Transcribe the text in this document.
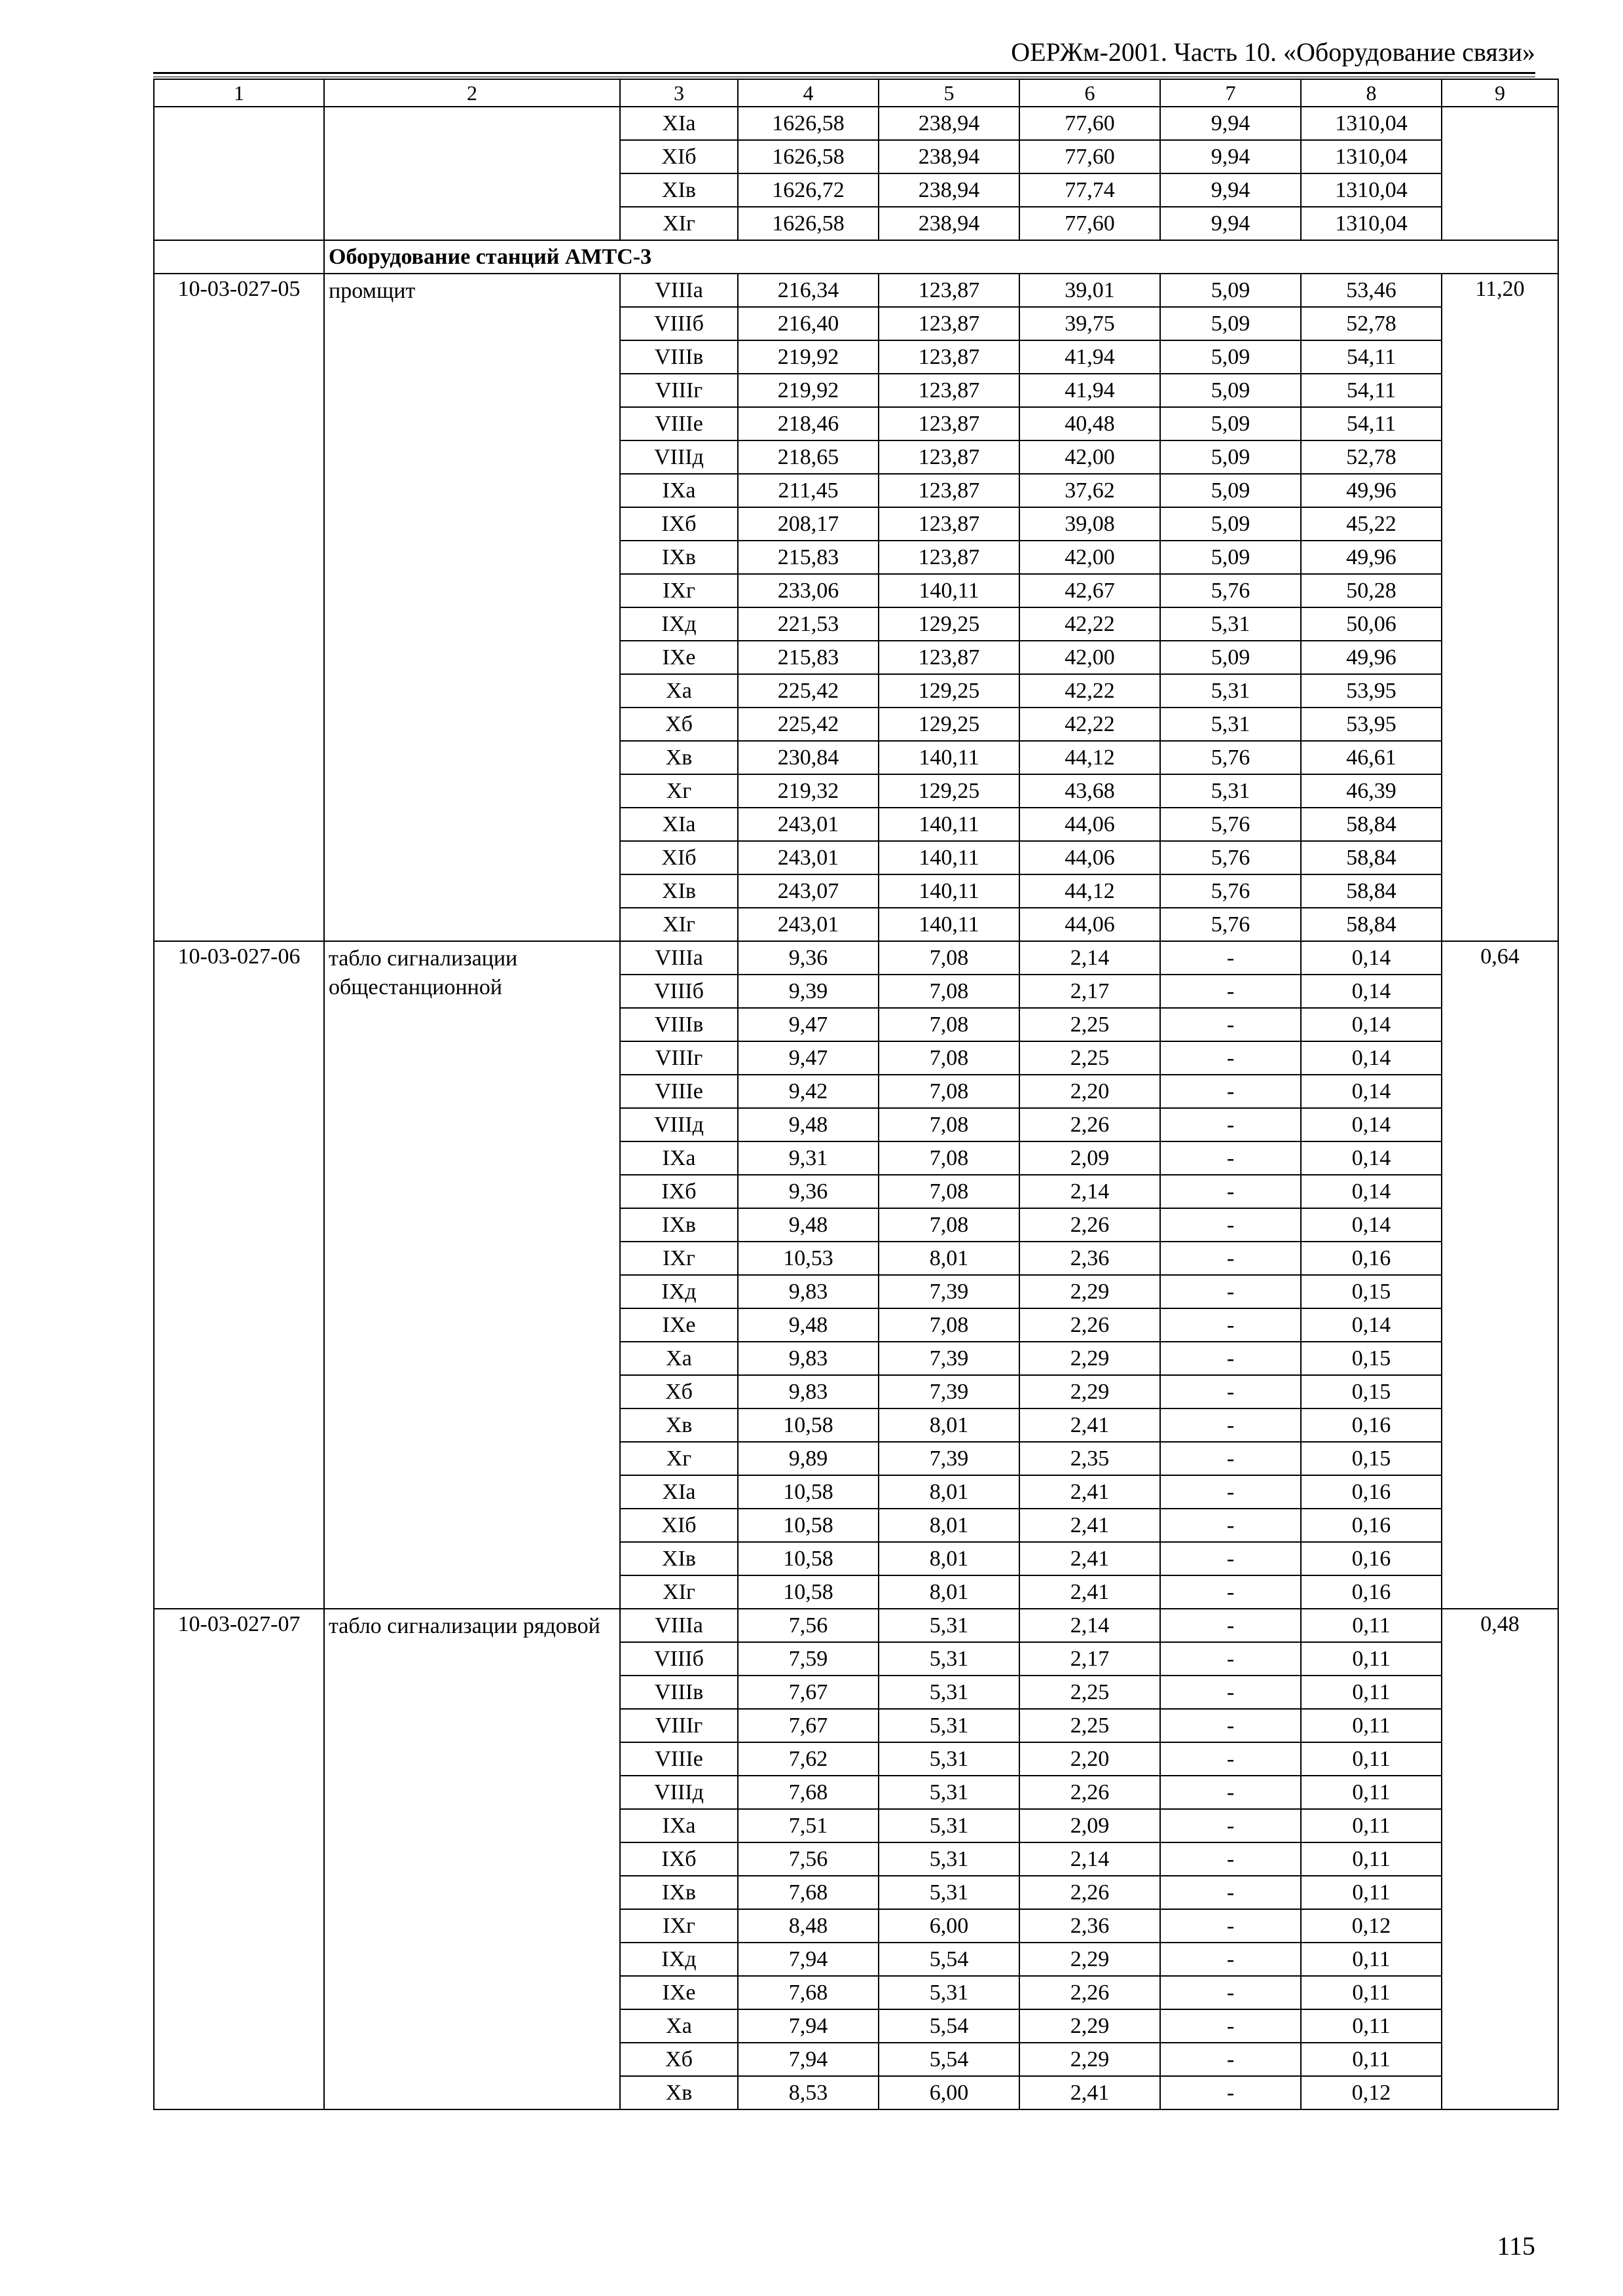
ОЕРЖм-2001. Часть 10. «Оборудование связи»
1	2	3	4	5	6	7	8	9
		XIа	1626,58	238,94	77,60	9,94	1310,04	
		XIб	1626,58	238,94	77,60	9,94	1310,04	
		XIв	1626,72	238,94	77,74	9,94	1310,04	
		XIг	1626,58	238,94	77,60	9,94	1310,04	
	Оборудование станций АМТС-3							
10-03-027-05	промщит	VIIIа	216,34	123,87	39,01	5,09	53,46	11,20
		VIIIб	216,40	123,87	39,75	5,09	52,78	
		VIIIв	219,92	123,87	41,94	5,09	54,11	
		VIIIг	219,92	123,87	41,94	5,09	54,11	
		VIIIе	218,46	123,87	40,48	5,09	54,11	
		VIIIд	218,65	123,87	42,00	5,09	52,78	
		IXа	211,45	123,87	37,62	5,09	49,96	
		IXб	208,17	123,87	39,08	5,09	45,22	
		IXв	215,83	123,87	42,00	5,09	49,96	
		IXг	233,06	140,11	42,67	5,76	50,28	
		IXд	221,53	129,25	42,22	5,31	50,06	
		IXе	215,83	123,87	42,00	5,09	49,96	
		Xа	225,42	129,25	42,22	5,31	53,95	
		Xб	225,42	129,25	42,22	5,31	53,95	
		Xв	230,84	140,11	44,12	5,76	46,61	
		Xг	219,32	129,25	43,68	5,31	46,39	
		XIа	243,01	140,11	44,06	5,76	58,84	
		XIб	243,01	140,11	44,06	5,76	58,84	
		XIв	243,07	140,11	44,12	5,76	58,84	
		XIг	243,01	140,11	44,06	5,76	58,84	
10-03-027-06	табло сигнализации общестанционной	VIIIа	9,36	7,08	2,14	-	0,14	0,64
		VIIIб	9,39	7,08	2,17	-	0,14	
		VIIIв	9,47	7,08	2,25	-	0,14	
		VIIIг	9,47	7,08	2,25	-	0,14	
		VIIIе	9,42	7,08	2,20	-	0,14	
		VIIIд	9,48	7,08	2,26	-	0,14	
		IXа	9,31	7,08	2,09	-	0,14	
		IXб	9,36	7,08	2,14	-	0,14	
		IXв	9,48	7,08	2,26	-	0,14	
		IXг	10,53	8,01	2,36	-	0,16	
		IXд	9,83	7,39	2,29	-	0,15	
		IXе	9,48	7,08	2,26	-	0,14	
		Xа	9,83	7,39	2,29	-	0,15	
		Xб	9,83	7,39	2,29	-	0,15	
		Xв	10,58	8,01	2,41	-	0,16	
		Xг	9,89	7,39	2,35	-	0,15	
		XIа	10,58	8,01	2,41	-	0,16	
		XIб	10,58	8,01	2,41	-	0,16	
		XIв	10,58	8,01	2,41	-	0,16	
		XIг	10,58	8,01	2,41	-	0,16	
10-03-027-07	табло сигнализации рядовой	VIIIа	7,56	5,31	2,14	-	0,11	0,48
		VIIIб	7,59	5,31	2,17	-	0,11	
		VIIIв	7,67	5,31	2,25	-	0,11	
		VIIIг	7,67	5,31	2,25	-	0,11	
		VIIIе	7,62	5,31	2,20	-	0,11	
		VIIIд	7,68	5,31	2,26	-	0,11	
		IXа	7,51	5,31	2,09	-	0,11	
		IXб	7,56	5,31	2,14	-	0,11	
		IXв	7,68	5,31	2,26	-	0,11	
		IXг	8,48	6,00	2,36	-	0,12	
		IXд	7,94	5,54	2,29	-	0,11	
		IXе	7,68	5,31	2,26	-	0,11	
		Xа	7,94	5,54	2,29	-	0,11	
		Xб	7,94	5,54	2,29	-	0,11	
		Xв	8,53	6,00	2,41	-	0,12	
115
